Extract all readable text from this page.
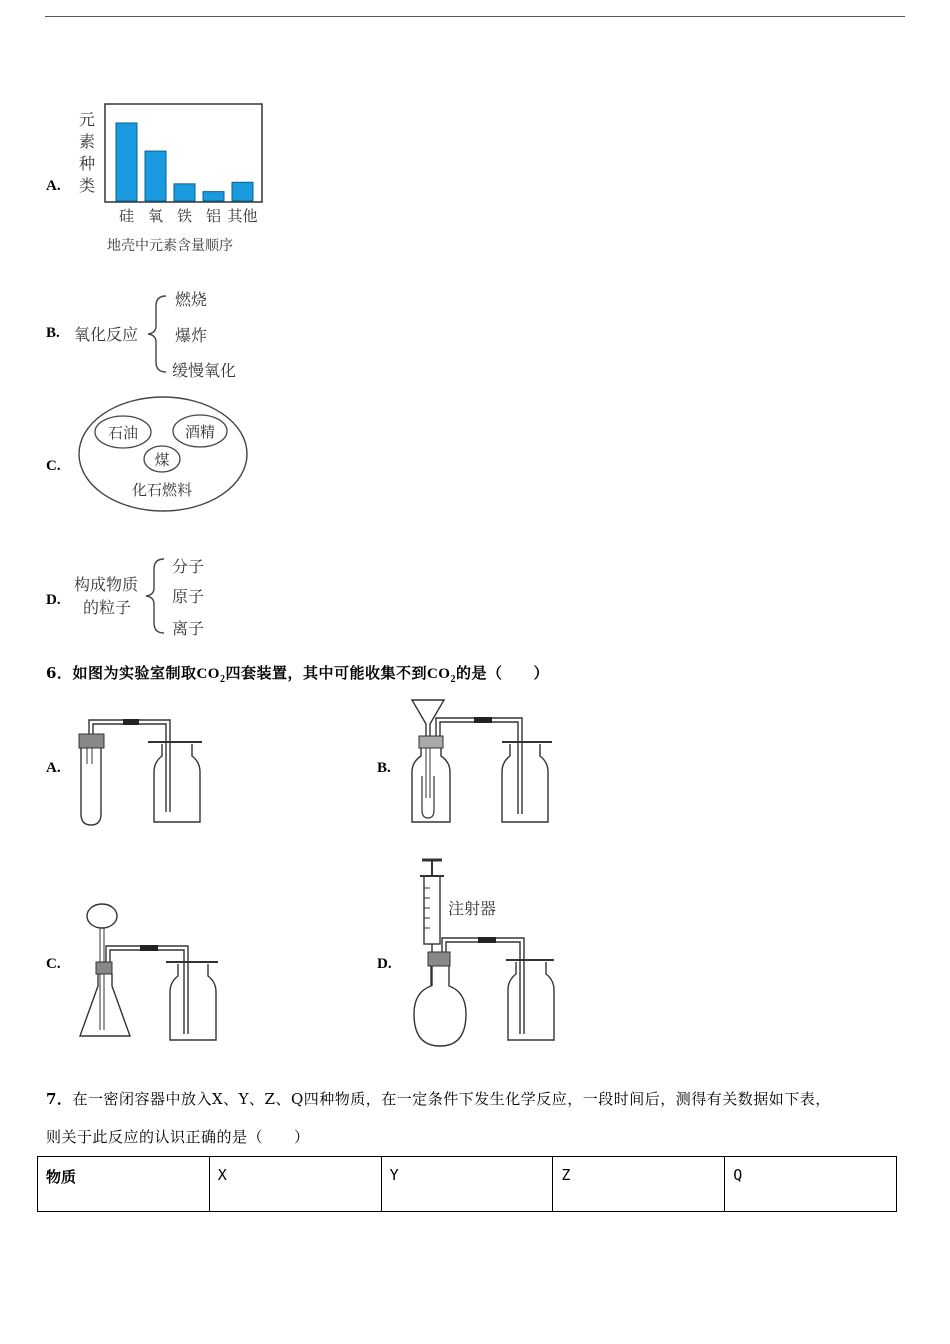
A.
元
素
种
类
硅 氧 铁 铝 其他
地壳中元素含量顺序
B. 氧化反应
燃烧
爆炸
缓慢氧化
C.
石油	酒精
煤
化石燃料
D.
构成物质
的粒子
分子
原子
离子
6．如图为实验室制取$CO_2$四套装置，其中可能收集不到$CO_2$的是（　　）
A.	B.
C.	D.
注射器
7．在一密闭容器中放入X、Y、Z、Q四种物质，在一定条件下发生化学反应，一段时间后，测得有关数据如下表，
则关于此反应的认识正确的是（　　）
物质	X	Y	Z	Q
